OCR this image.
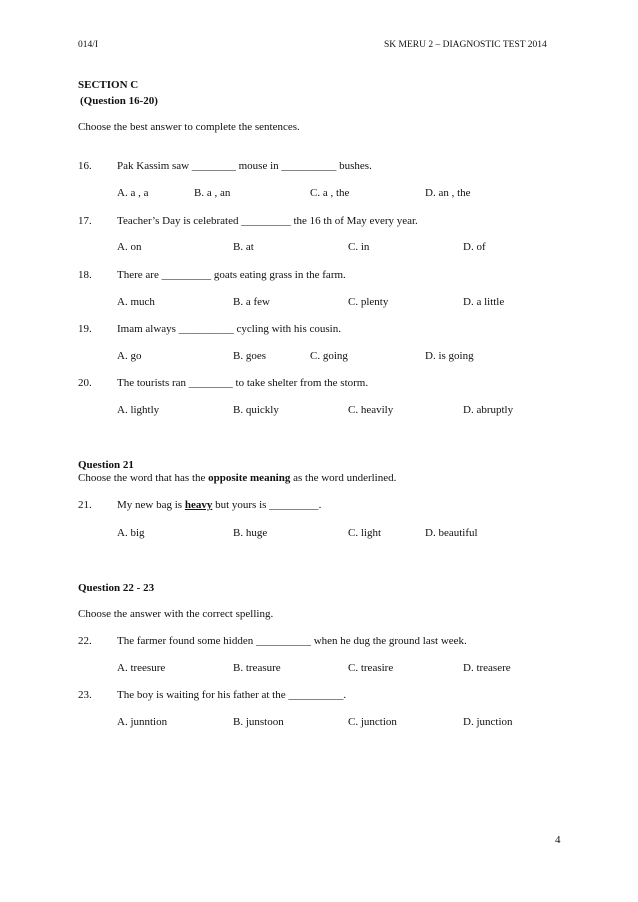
014/I	SK MERU 2 – DIAGNOSTIC TEST 2014
SECTION C
(Question 16-20)
Choose the best answer to complete the sentences.
16. Pak Kassim saw ________ mouse in __________ bushes.
A. a , a	B. a , an	C. a , the	D. an , the
17. Teacher’s Day is celebrated _________ the 16 th of May every year.
A. on	B. at	C. in	D. of
18. There are _________ goats eating grass in the farm.
A. much	B. a few	C. plenty	D. a little
19. Imam always __________ cycling with his cousin.
A. go	B. goes	C. going	D. is going
20. The tourists ran ________ to take shelter from the storm.
A. lightly	B. quickly	C. heavily	D. abruptly
Question 21
Choose the word that has the opposite meaning as the word underlined.
21. My new bag is heavy but yours is _________.
A. big	B. huge	C. light	D. beautiful
Question 22 - 23
Choose the answer with the correct spelling.
22. The farmer found some hidden __________ when he dug the ground last week.
A. treesure	B. treasure	C. treasire	D. treasere
23. The boy is waiting for his father at the __________.
A. junntion	B. junstoon	C. junction	D. junction
4
